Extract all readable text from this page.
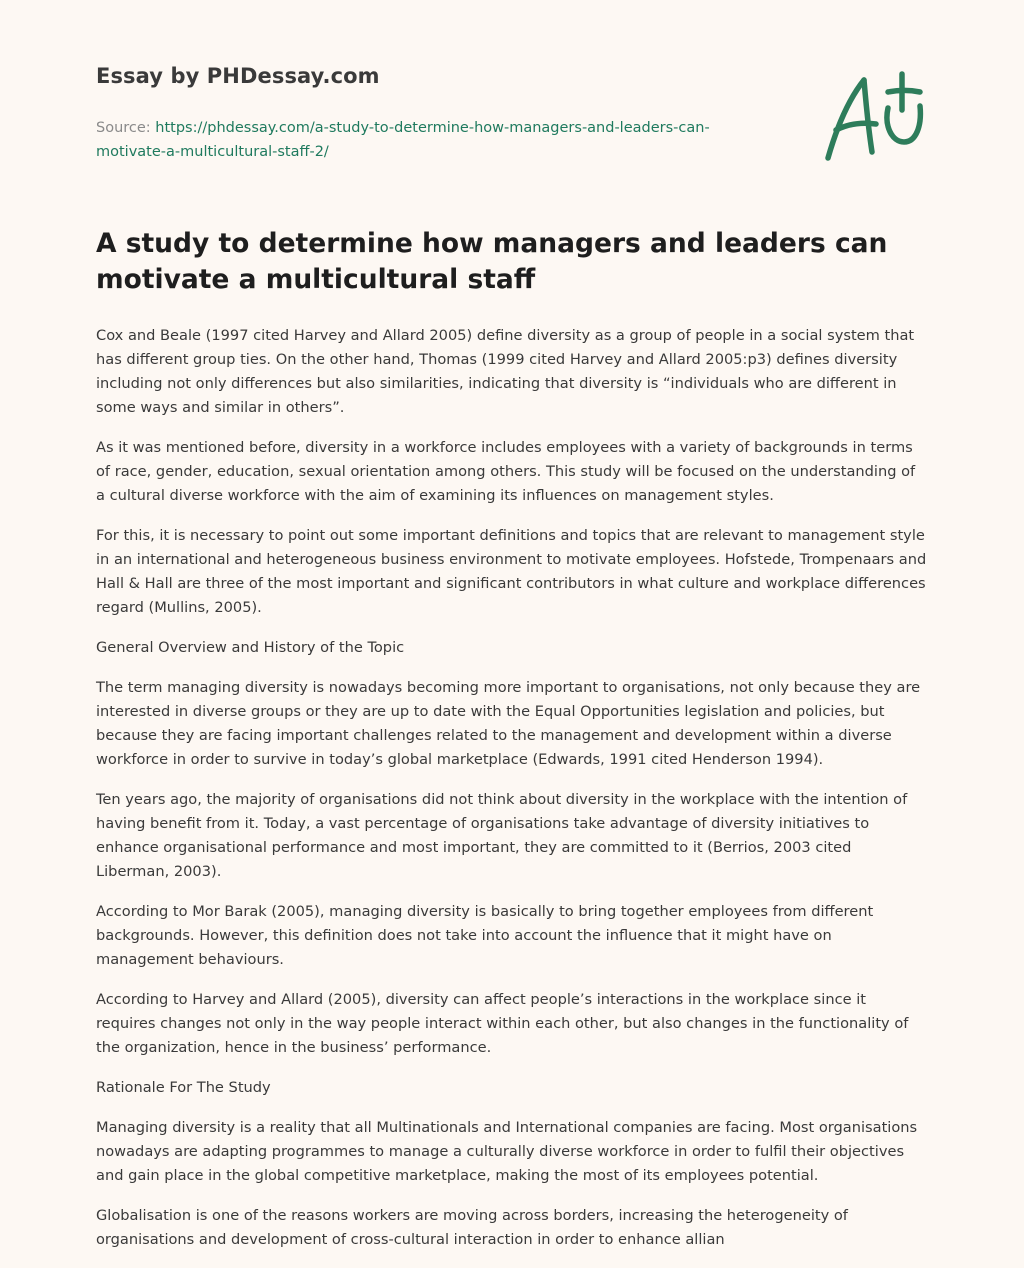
Essay by PHDessay.com
Source: https://phdessay.com/a-study-to-determine-how-managers-and-leaders-can-motivate-a-multicultural-staff-2/
A study to determine how managers and leaders can motivate a multicultural staff

Cox and Beale (1997 cited Harvey and Allard 2005) define diversity as a group of people in a social system that has different group ties. On the other hand, Thomas (1999 cited Harvey and Allard 2005:p3) defines diversity including not only differences but also similarities, indicating that diversity is “individuals who are different in some ways and similar in others”.

As it was mentioned before, diversity in a workforce includes employees with a variety of backgrounds in terms of race, gender, education, sexual orientation among others. This study will be focused on the understanding of a cultural diverse workforce with the aim of examining its influences on management styles.

For this, it is necessary to point out some important definitions and topics that are relevant to management style in an international and heterogeneous business environment to motivate employees. Hofstede, Trompenaars and Hall & Hall are three of the most important and significant contributors in what culture and workplace differences regard (Mullins, 2005).

General Overview and History of the Topic

The term managing diversity is nowadays becoming more important to organisations, not only because they are interested in diverse groups or they are up to date with the Equal Opportunities legislation and policies, but because they are facing important challenges related to the management and development within a diverse workforce in order to survive in today’s global marketplace (Edwards, 1991 cited Henderson 1994).

Ten years ago, the majority of organisations did not think about diversity in the workplace with the intention of having benefit from it. Today, a vast percentage of organisations take advantage of diversity initiatives to enhance organisational performance and most important, they are committed to it (Berrios, 2003 cited Liberman, 2003).

According to Mor Barak (2005), managing diversity is basically to bring together employees from different backgrounds. However, this definition does not take into account the influence that it might have on management behaviours.

According to Harvey and Allard (2005), diversity can affect people’s interactions in the workplace since it requires changes not only in the way people interact within each other, but also changes in the functionality of the organization, hence in the business’ performance.

Rationale For The Study

Managing diversity is a reality that all Multinationals and International companies are facing. Most organisations nowadays are adapting programmes to manage a culturally diverse workforce in order to fulfil their objectives and gain place in the global competitive marketplace, making the most of its employees potential.

Globalisation is one of the reasons workers are moving across borders, increasing the heterogeneity of organisations and development of cross-cultural interaction in order to enhance allian
